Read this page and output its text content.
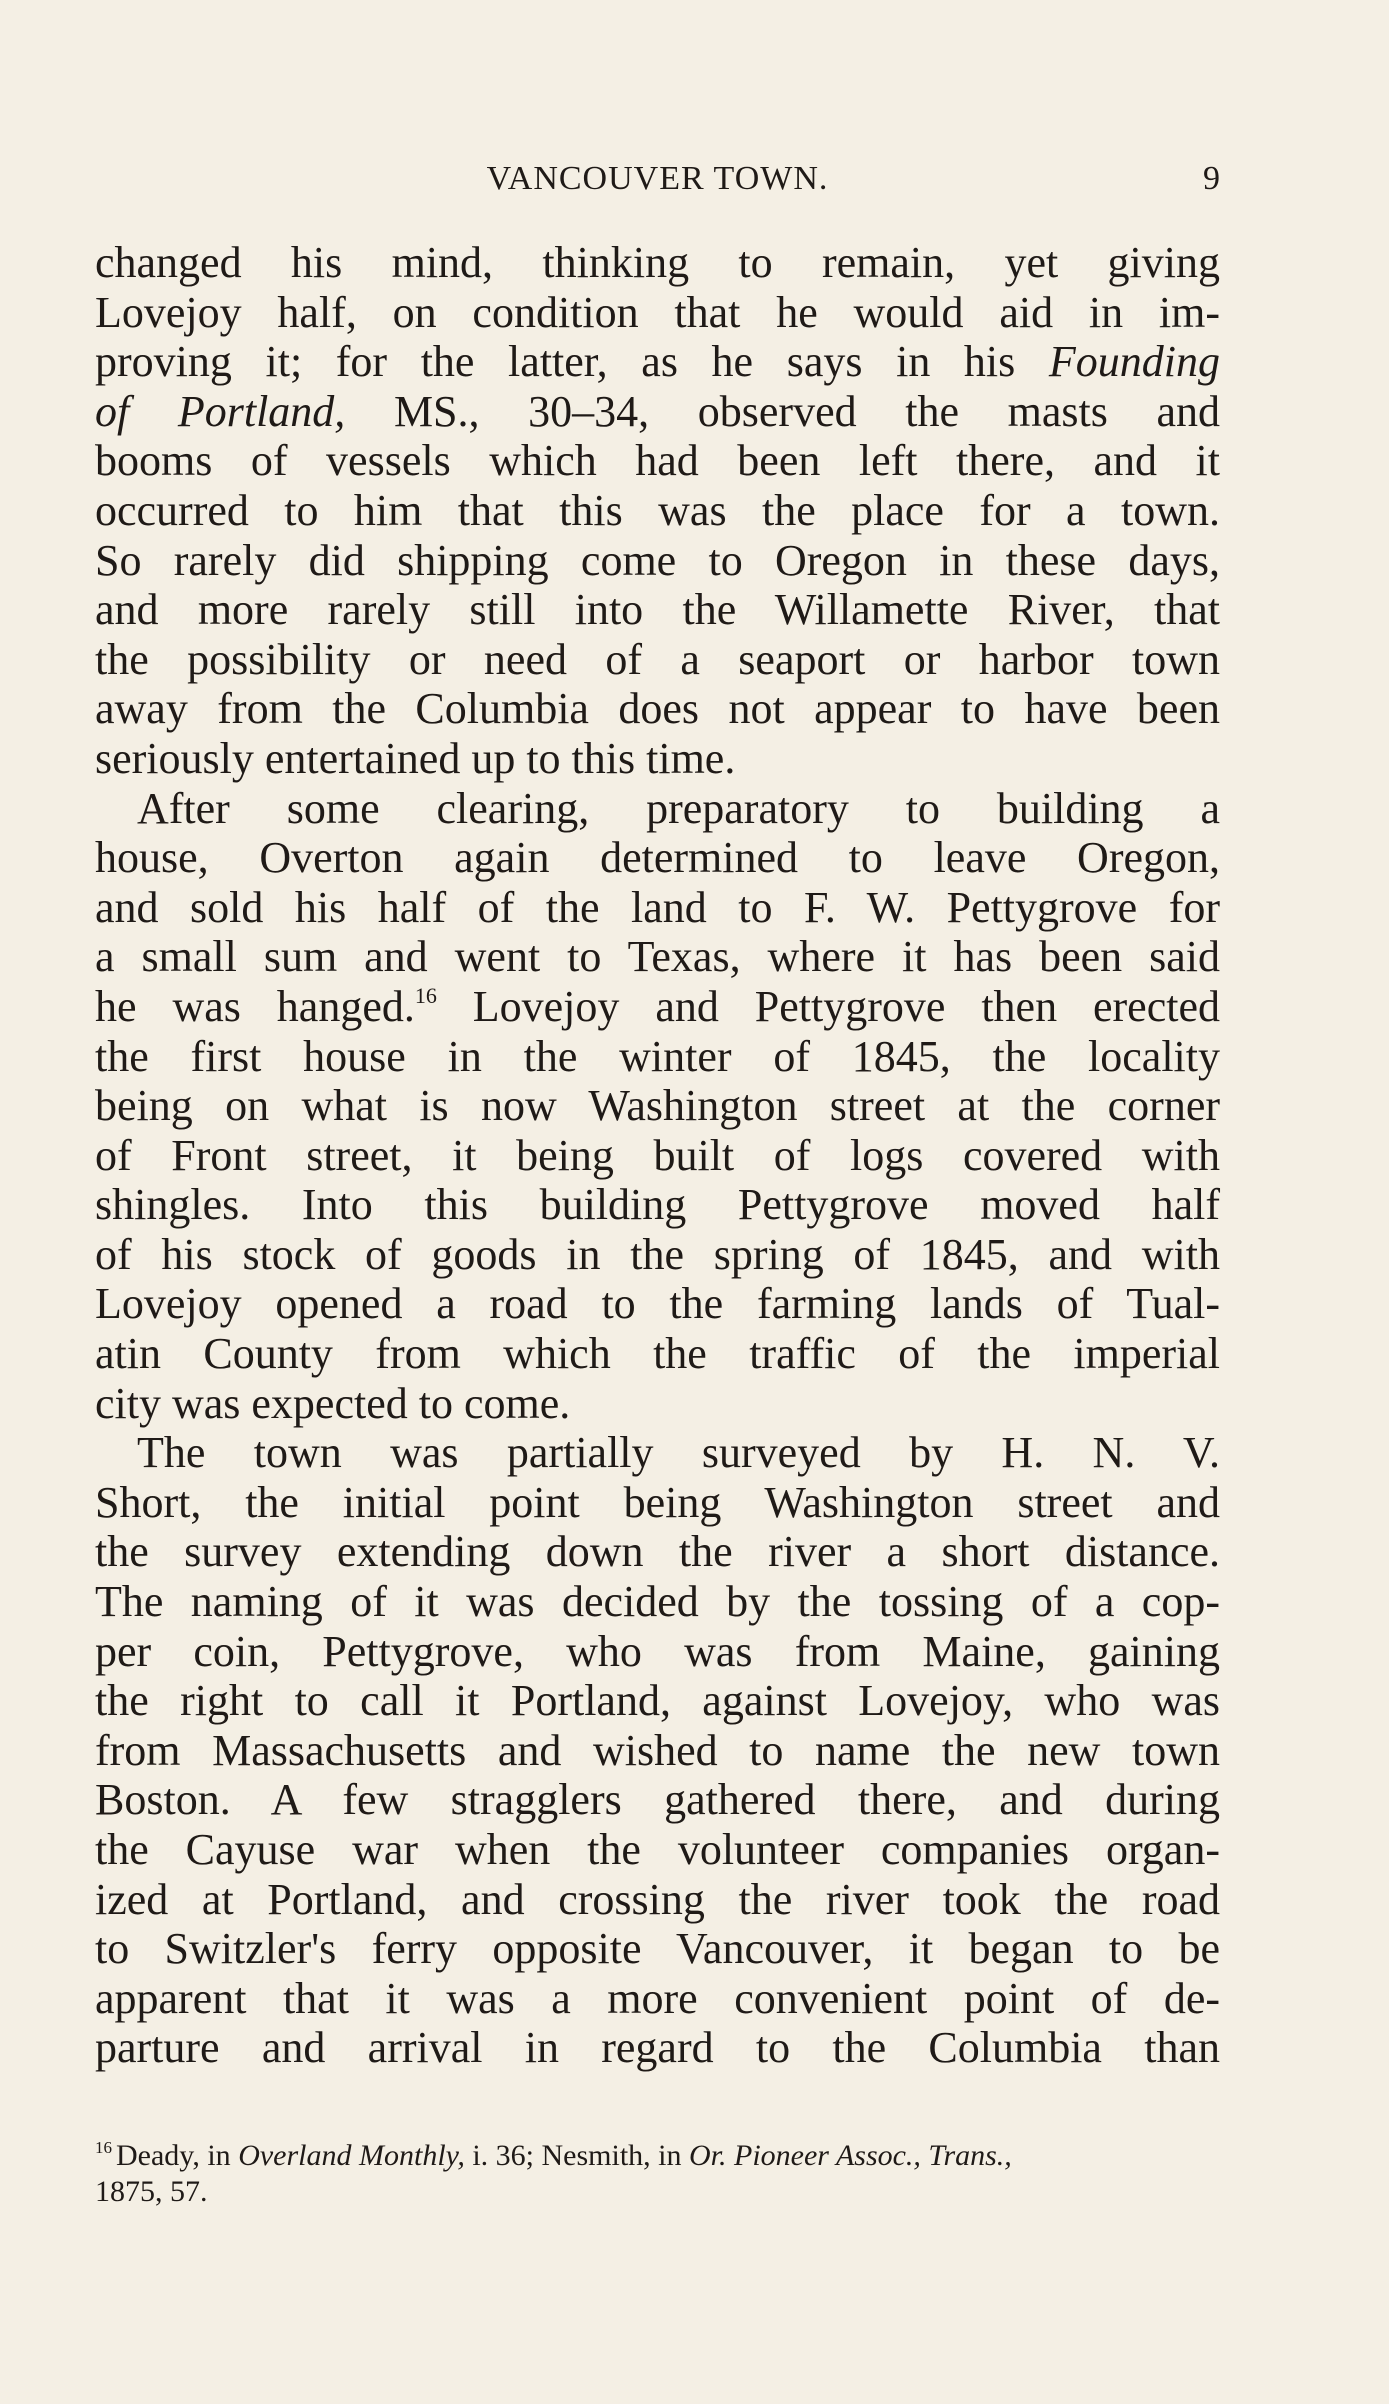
VANCOUVER TOWN.	9
changed his mind, thinking to remain, yet giving
Lovejoy half, on condition that he would aid in im-
proving it; for the latter, as he says in his Founding
of Portland, MS., 30–34, observed the masts and
booms of vessels which had been left there, and it
occurred to him that this was the place for a town.
So rarely did shipping come to Oregon in these days,
and more rarely still into the Willamette River, that
the possibility or need of a seaport or harbor town
away from the Columbia does not appear to have been
seriously entertained up to this time.
After some clearing, preparatory to building a
house, Overton again determined to leave Oregon,
and sold his half of the land to F. W. Pettygrove for
a small sum and went to Texas, where it has been said
he was hanged.$^{16}$ Lovejoy and Pettygrove then erected
the first house in the winter of 1845, the locality
being on what is now Washington street at the corner
of Front street, it being built of logs covered with
shingles. Into this building Pettygrove moved half
of his stock of goods in the spring of 1845, and with
Lovejoy opened a road to the farming lands of Tual-
atin County from which the traffic of the imperial
city was expected to come.
The town was partially surveyed by H. N. V.
Short, the initial point being Washington street and
the survey extending down the river a short distance.
The naming of it was decided by the tossing of a cop-
per coin, Pettygrove, who was from Maine, gaining
the right to call it Portland, against Lovejoy, who was
from Massachusetts and wished to name the new town
Boston. A few stragglers gathered there, and during
the Cayuse war when the volunteer companies organ-
ized at Portland, and crossing the river took the road
to Switzler's ferry opposite Vancouver, it began to be
apparent that it was a more convenient point of de-
parture and arrival in regard to the Columbia than
$^{16}$ Deady, in Overland Monthly, i. 36; Nesmith, in Or. Pioneer Assoc., Trans.,
1875, 57.
